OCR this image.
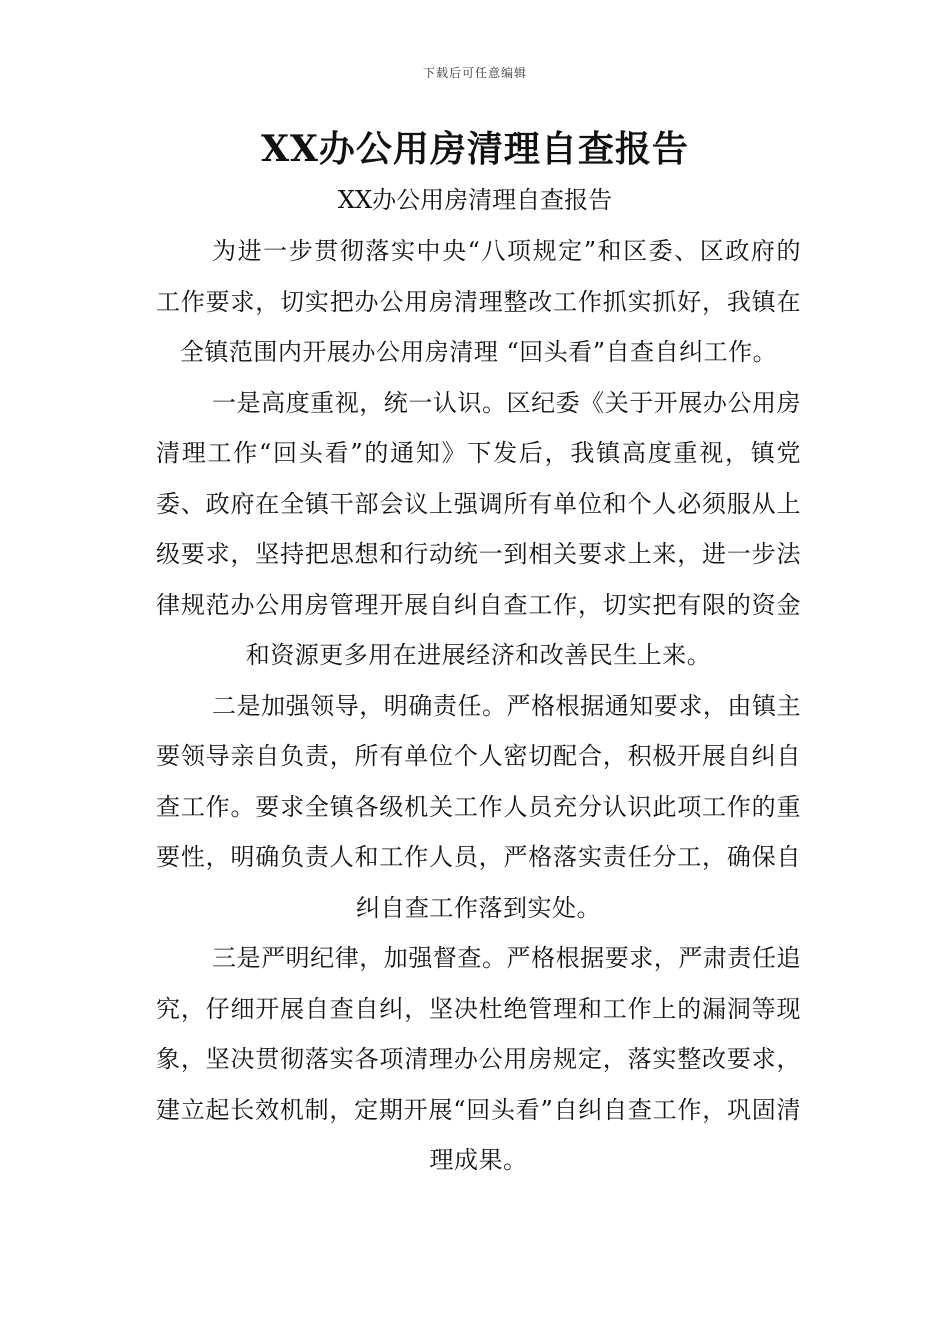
下载后可任意编辑
XX办公用房清理自查报告

XX办公用房清理自查报告

为进一步贯彻落实中央“八项规定”和区委、区政府的工作要求，切实把办公用房清理整改工作抓实抓好，我镇在全镇范围内开展办公用房清理 “回头看”自查自纠工作。

一是高度重视，统一认识。区纪委《关于开展办公用房清理工作“回头看”的通知》下发后，我镇高度重视，镇党委、政府在全镇干部会议上强调所有单位和个人必须服从上级要求，坚持把思想和行动统一到相关要求上来，进一步法律规范办公用房管理开展自纠自查工作，切实把有限的资金和资源更多用在进展经济和改善民生上来。

二是加强领导，明确责任。严格根据通知要求，由镇主要领导亲自负责，所有单位个人密切配合，积极开展自纠自查工作。要求全镇各级机关工作人员充分认识此项工作的重要性，明确负责人和工作人员，严格落实责任分工，确保自纠自查工作落到实处。

三是严明纪律，加强督查。严格根据要求，严肃责任追究，仔细开展自查自纠，坚决杜绝管理和工作上的漏洞等现象，坚决贯彻落实各项清理办公用房规定，落实整改要求，建立起长效机制，定期开展“回头看”自纠自查工作，巩固清理成果。
